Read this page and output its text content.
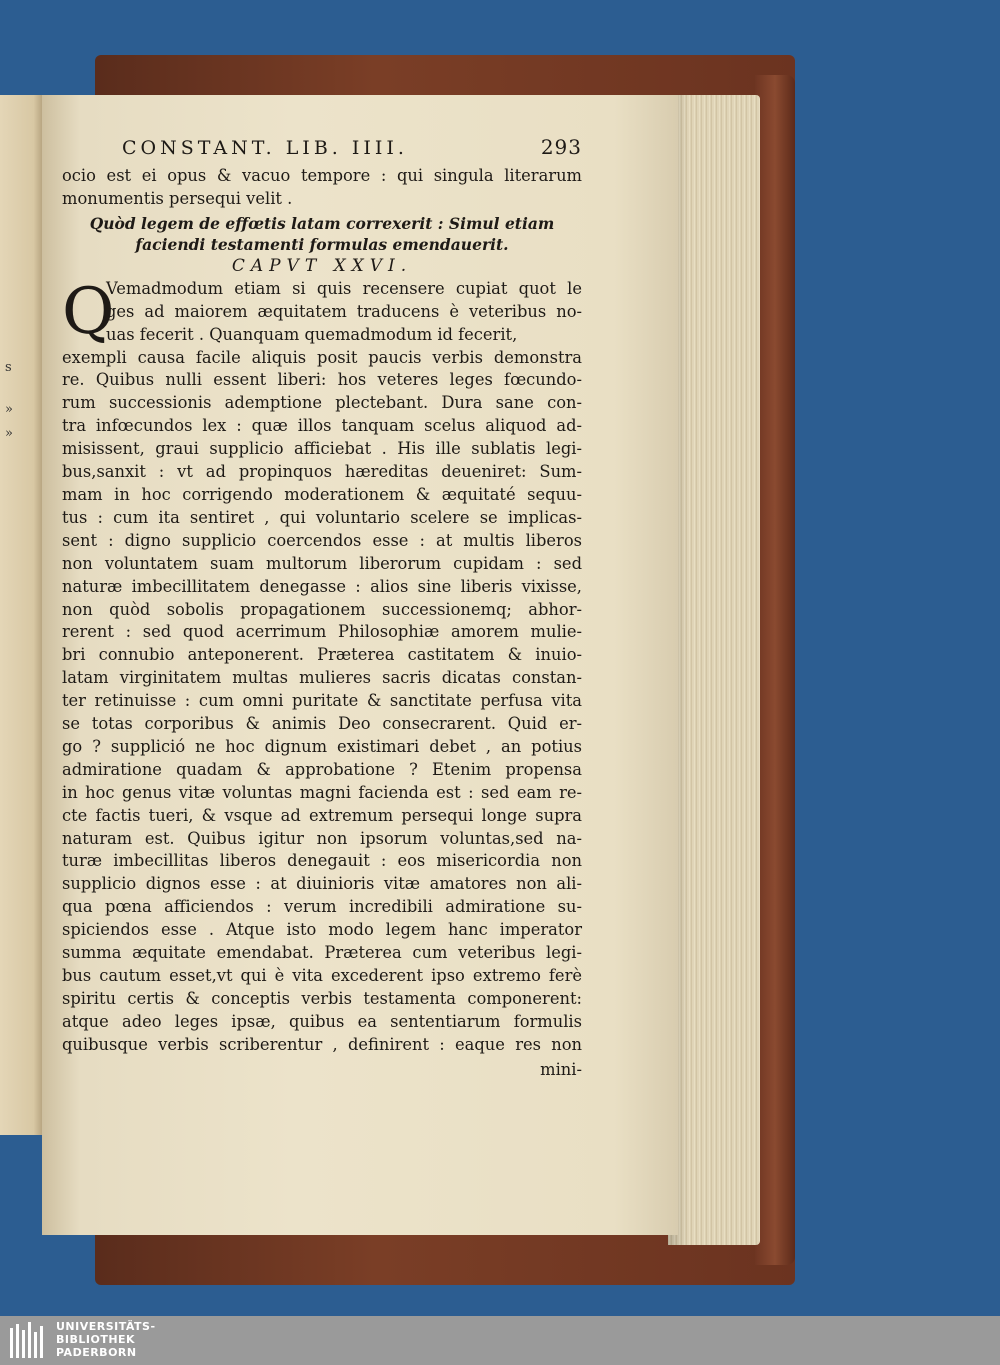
s
»
»
CONSTANT. LIB. IIII.	293
ocio est ei opus & vacuo tempore : qui singula literarum
monumentis persequi velit .
Quòd legem de effœtis latam correxerit : Simul etiam
faciendi testamenti formulas emendauerit.
CAPVT XXVI.
Q
Vemadmodum etiam si quis recensere cupiat quot le
ges ad maiorem æquitatem traducens è veteribus no-
uas fecerit . Quanquam quemadmodum id fecerit,
exempli causa facile aliquis posit paucis verbis demonstra
re. Quibus nulli essent liberi: hos veteres leges fœcundo-
rum successionis ademptione plectebant. Dura sane con-
tra infœcundos lex : quæ illos tanquam scelus aliquod ad-
misissent, graui supplicio afficiebat . His ille sublatis legi-
bus,sanxit : vt ad propinquos hæreditas deueniret: Sum-
mam in hoc corrigendo moderationem & æquitaté sequu-
tus : cum ita sentiret , qui voluntario scelere se implicas-
sent : digno supplicio coercendos esse : at multis liberos
non voluntatem suam multorum liberorum cupidam : sed
naturæ imbecillitatem denegasse : alios sine liberis vixisse,
non quòd sobolis propagationem successionemq; abhor-
rerent : sed quod acerrimum Philosophiæ amorem mulie-
bri connubio anteponerent. Præterea castitatem & inuio-
latam virginitatem multas mulieres sacris dicatas constan-
ter retinuisse : cum omni puritate & sanctitate perfusa vita
se totas corporibus & animis Deo consecrarent. Quid er-
go ? supplició ne hoc dignum existimari debet , an potius
admiratione quadam & approbatione ? Etenim propensa
in hoc genus vitæ voluntas magni facienda est : sed eam re-
cte factis tueri, & vsque ad extremum persequi longe supra
naturam est. Quibus igitur non ipsorum voluntas,sed na-
turæ imbecillitas liberos denegauit : eos misericordia non
supplicio dignos esse : at diuinioris vitæ amatores non ali-
qua pœna afficiendos : verum incredibili admiratione su-
spiciendos esse . Atque isto modo legem hanc imperator
summa æquitate emendabat. Præterea cum veteribus legi-
bus cautum esset,vt qui è vita excederent ipso extremo ferè
spiritu certis & conceptis verbis testamenta componerent:
atque adeo leges ipsæ, quibus ea sententiarum formulis
quibusque verbis scriberentur , definirent : eaque res non
mini-
UNIVERSITÄTS-
BIBLIOTHEK
PADERBORN
